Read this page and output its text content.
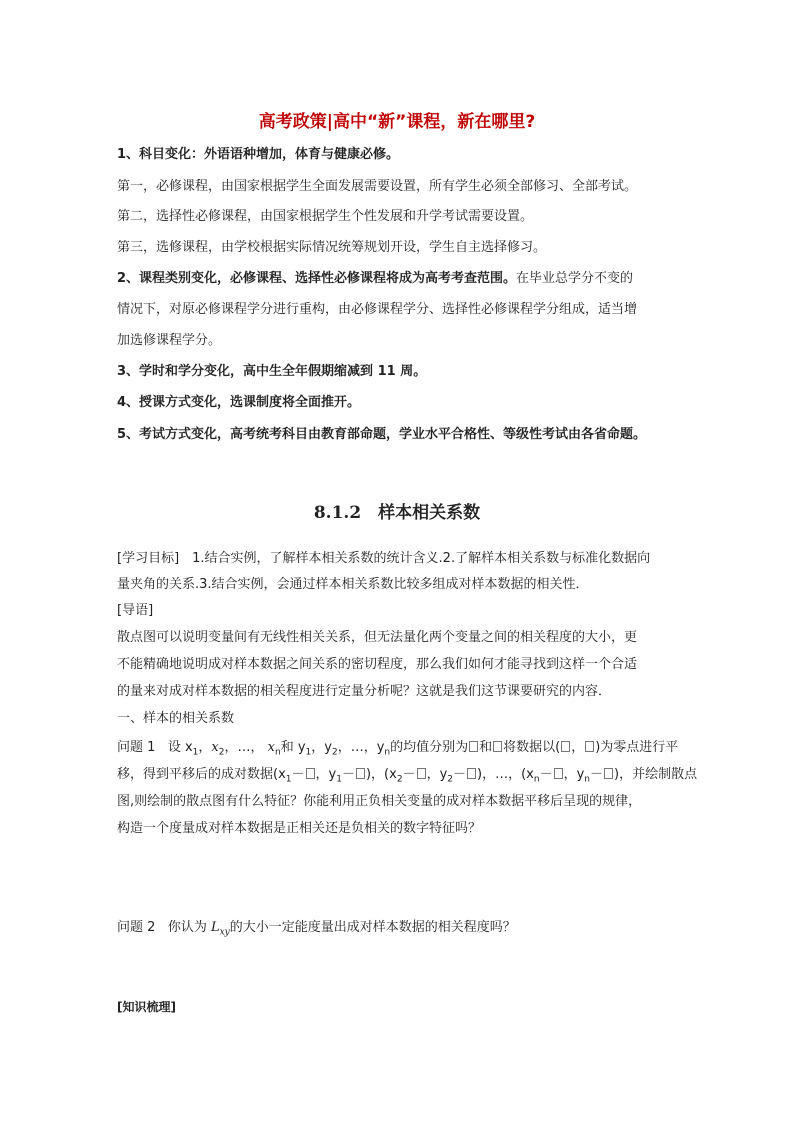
高考政策|高中“新”课程，新在哪里?
1、科目变化：外语语种增加，体育与健康必修。
第一，必修课程，由国家根据学生全面发展需要设置，所有学生必须全部修习、全部考试。
第二，选择性必修课程，由国家根据学生个性发展和升学考试需要设置。
第三，选修课程，由学校根据实际情况统筹规划开设，学生自主选择修习。
2、课程类别变化，必修课程、选择性必修课程将成为高考考查范围。在毕业总学分不变的
情况下，对原必修课程学分进行重构，由必修课程学分、选择性必修课程学分组成，适当增
加选修课程学分。
3、学时和学分变化，高中生全年假期缩减到 11 周。
4、授课方式变化，选课制度将全面推开。
5、考试方式变化，高考统考科目由教育部命题，学业水平合格性、等级性考试由各省命题。
8.1.2　样本相关系数
[学习目标]　1.结合实例，了解样本相关系数的统计含义.2.了解样本相关系数与标准化数据向
量夹角的关系.3.结合实例，会通过样本相关系数比较多组成对样本数据的相关性．
[导语]
散点图可以说明变量间有无线性相关关系，但无法量化两个变量之间的相关程度的大小，更
不能精确地说明成对样本数据之间关系的密切程度，那么我们如何才能寻找到这样一个合适
的量来对成对样本数据的相关程度进行定量分析呢？这就是我们这节课要研究的内容．
一、样本的相关系数
问题 1 设 $x_1$，$x_2$，…， $x_n$和 $y_1$，$y_2$，…，$y_n$的均值分别为 和 将数据以( ， )为零点进行平
移，得到平移后的成对数据($x_1-$ ，$y_1-$ )，($x_2-$ ，$y_2-$ )，…，($x_n-$ ，$y_n-$ )，并绘制散点
图,则绘制的散点图有什么特征？你能利用正负相关变量的成对样本数据平移后呈现的规律，
构造一个度量成对样本数据是正相关还是负相关的数字特征吗？
问题 2 你认为 $L_{xy}$的大小一定能度量出成对样本数据的相关程度吗？
[知识梳理]
